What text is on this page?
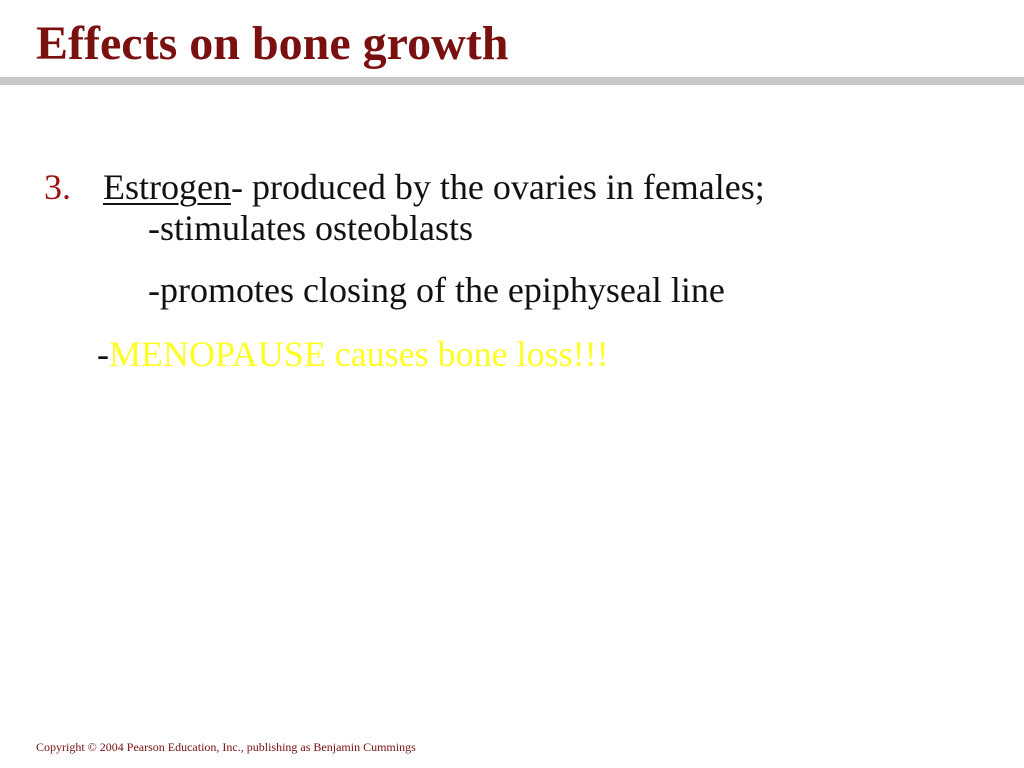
Effects on bone growth
3. Estrogen- produced by the ovaries in females;
-stimulates osteoblasts
-promotes closing of the epiphyseal line
-MENOPAUSE causes bone loss!!!
Copyright © 2004 Pearson Education, Inc., publishing as Benjamin Cummings
